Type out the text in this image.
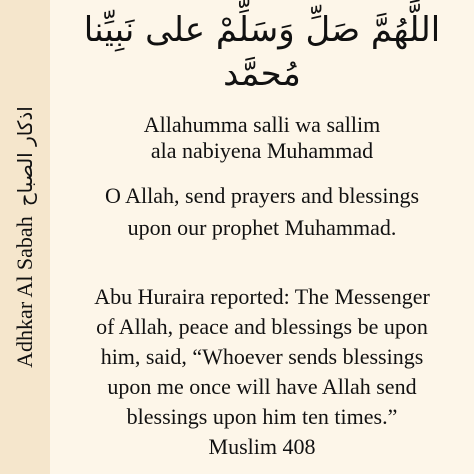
Adhkar Al Sabah
اذكار الصباح
اللَّهُمَّ صَلِّ وَسَلِّمْ على نَبِيِّنا
مُحمَّد
Allahumma salli wa sallim
ala nabiyena Muhammad
O Allah, send prayers and blessings
upon our prophet Muhammad.
Abu Huraira reported: The Messenger
of Allah, peace and blessings be upon
him, said, “Whoever sends blessings
upon me once will have Allah send
blessings upon him ten times.”
Muslim 408
